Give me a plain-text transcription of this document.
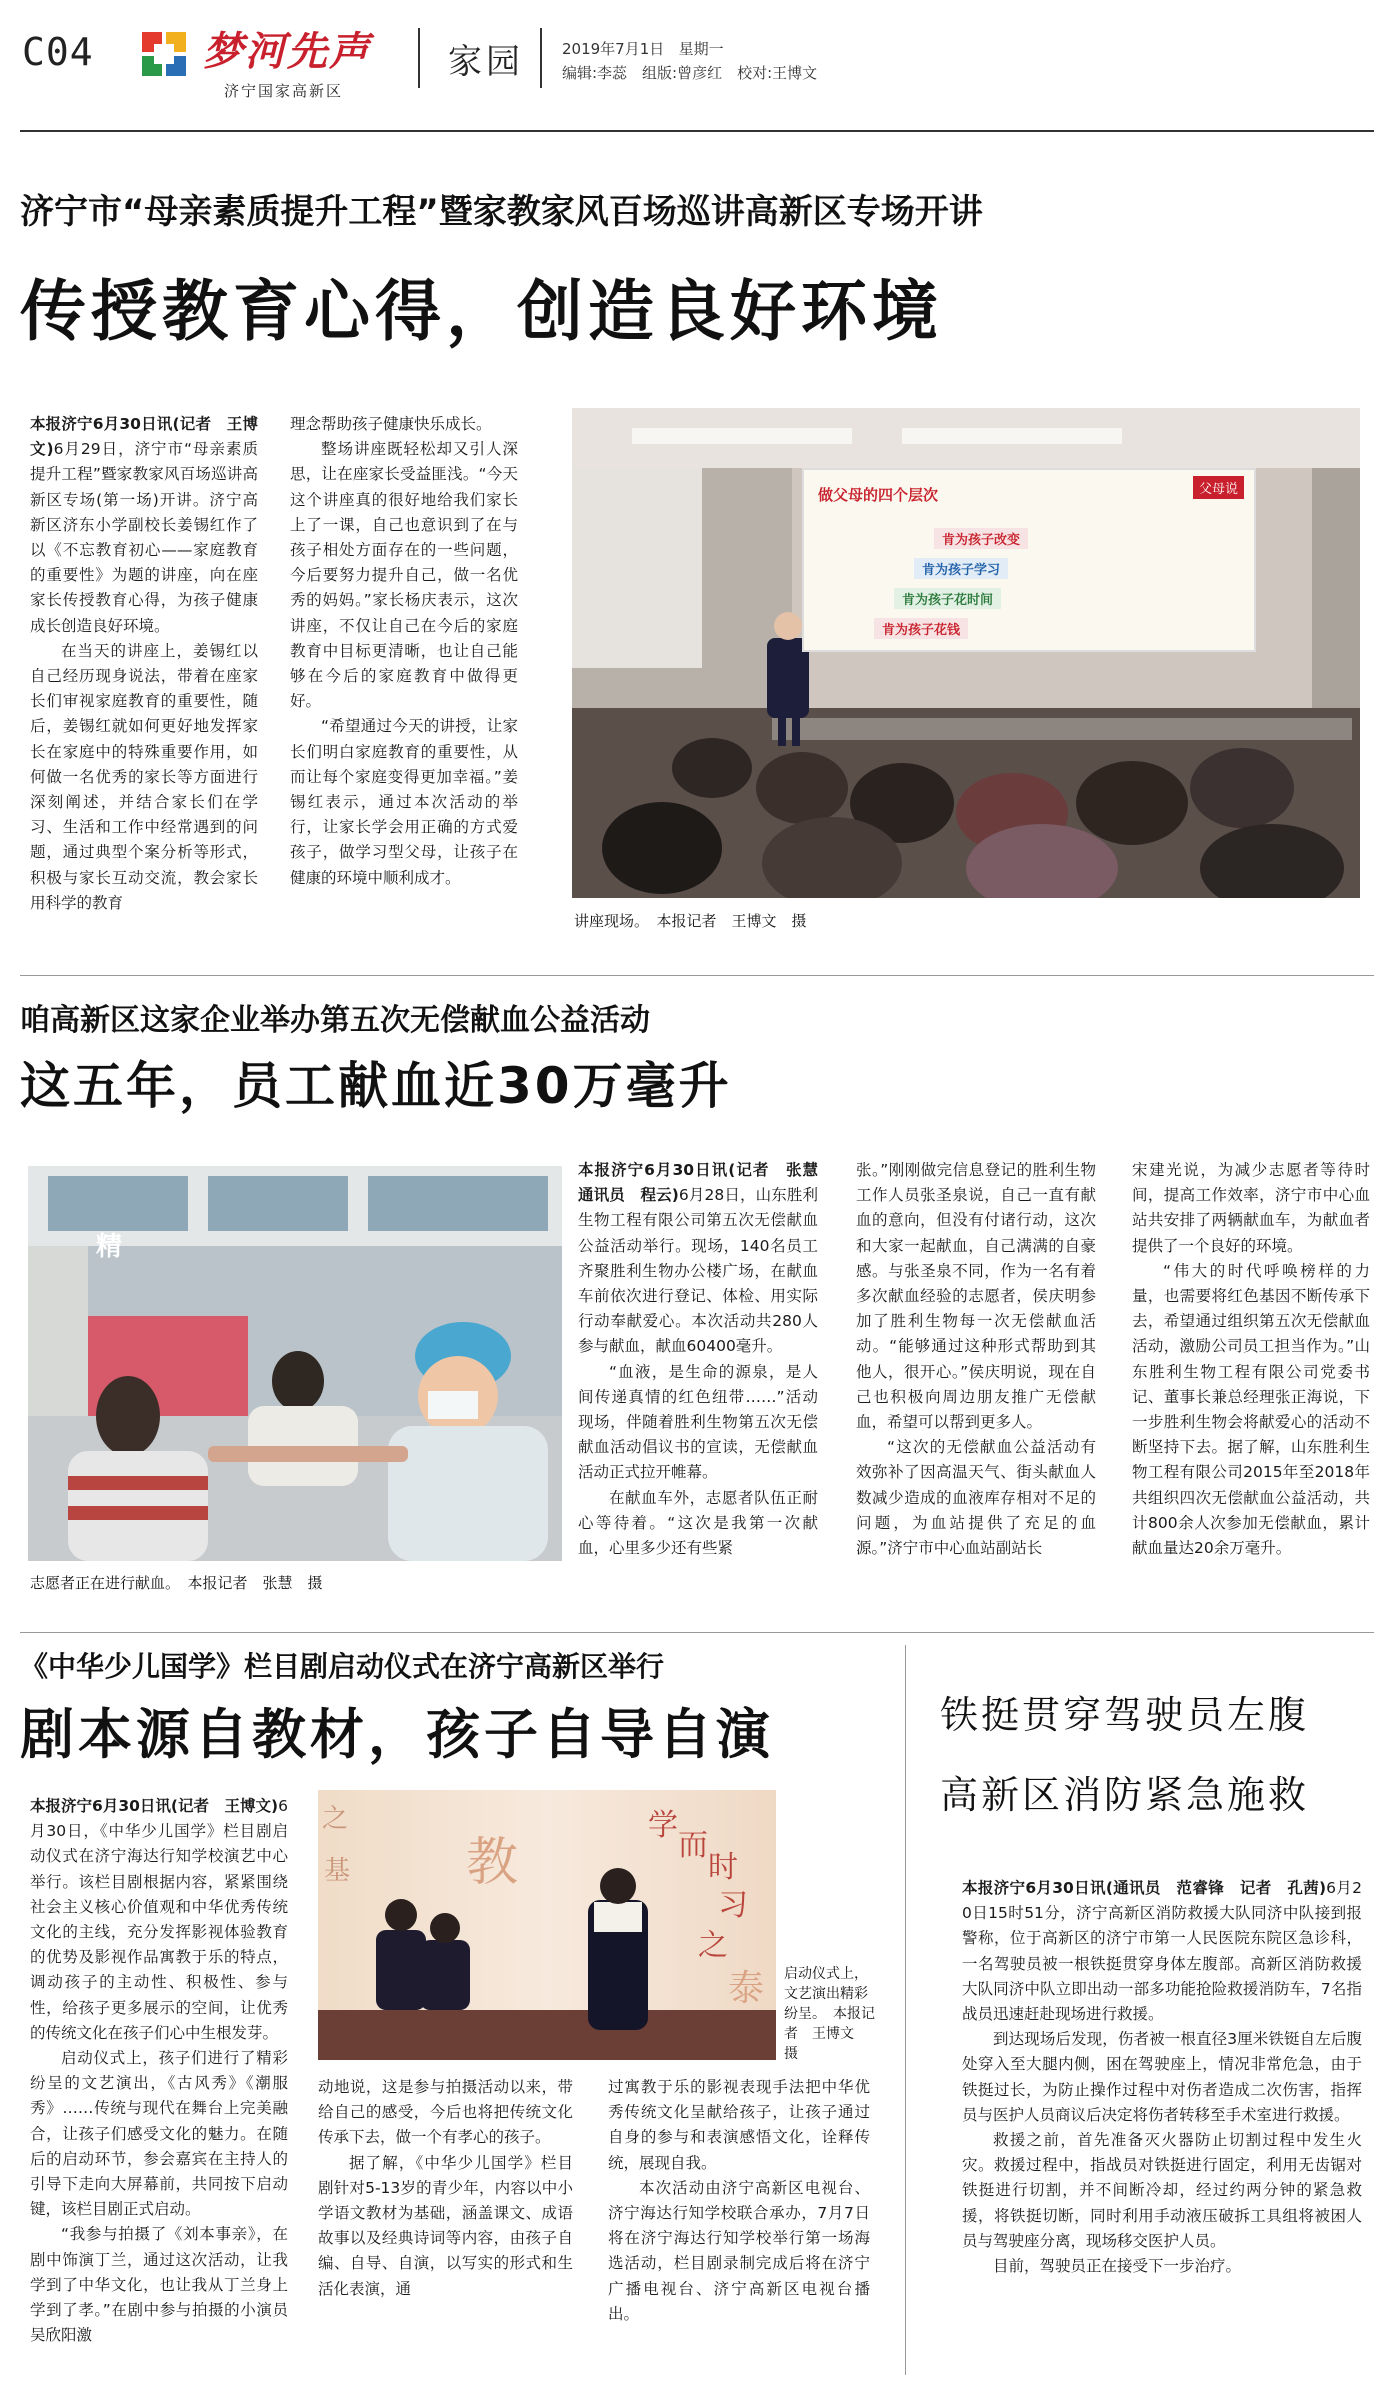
C04	梦河先声
济宁国家高新区
家园	2019年7月1日 星期一
编辑:李蕊　组版:曾彦红　校对:王博文
济宁市“母亲素质提升工程”暨家教家风百场巡讲高新区专场开讲
传授教育心得，创造良好环境

本报济宁6月30日讯(记者　王博文)6月29日，济宁市“母亲素质提升工程”暨家教家风百场巡讲高新区专场(第一场)开讲。济宁高新区济东小学副校长姜锡红作了以《不忘教育初心——家庭教育的重要性》为题的讲座，向在座家长传授教育心得，为孩子健康成长创造良好环境。

在当天的讲座上，姜锡红以自己经历现身说法，带着在座家长们审视家庭教育的重要性，随后，姜锡红就如何更好地发挥家长在家庭中的特殊重要作用，如何做一名优秀的家长等方面进行深刻阐述，并结合家长们在学习、生活和工作中经常遇到的问题，通过典型个案分析等形式，积极与家长互动交流，教会家长用科学的教育

理念帮助孩子健康快乐成长。

整场讲座既轻松却又引人深思，让在座家长受益匪浅。“今天这个讲座真的很好地给我们家长上了一课，自己也意识到了在与孩子相处方面存在的一些问题，今后要努力提升自己，做一名优秀的妈妈。”家长杨庆表示，这次讲座，不仅让自己在今后的家庭教育中目标更清晰，也让自己能够在今后的家庭教育中做得更好。

“希望通过今天的讲授，让家长们明白家庭教育的重要性，从而让每个家庭变得更加幸福。”姜锡红表示，通过本次活动的举行，让家长学会用正确的方式爱孩子，做学习型父母，让孩子在健康的环境中顺利成才。

父母说
做父母的四个层次
肯为孩子改变
肯为孩子学习
肯为孩子花时间
肯为孩子花钱
讲座现场。　本报记者　王博文　摄
咱高新区这家企业举办第五次无偿献血公益活动
这五年，员工献血近30万毫升
精
志愿者正在进行献血。　本报记者　张慧　摄

本报济宁6月30日讯(记者　张慧　通讯员　程云)6月28日，山东胜利生物工程有限公司第五次无偿献血公益活动举行。现场，140名员工齐聚胜利生物办公楼广场，在献血车前依次进行登记、体检、用实际行动奉献爱心。本次活动共280人参与献血，献血60400毫升。

“血液，是生命的源泉，是人间传递真情的红色纽带……”活动现场，伴随着胜利生物第五次无偿献血活动倡议书的宣读，无偿献血活动正式拉开帷幕。

在献血车外，志愿者队伍正耐心等待着。“这次是我第一次献血，心里多少还有些紧

张。”刚刚做完信息登记的胜利生物工作人员张圣泉说，自己一直有献血的意向，但没有付诸行动，这次和大家一起献血，自己满满的自豪感。与张圣泉不同，作为一名有着多次献血经验的志愿者，侯庆明参加了胜利生物每一次无偿献血活动。“能够通过这种形式帮助到其他人，很开心。”侯庆明说，现在自己也积极向周边朋友推广无偿献血，希望可以帮到更多人。

“这次的无偿献血公益活动有效弥补了因高温天气、街头献血人数减少造成的血液库存相对不足的问题，为血站提供了充足的血源。”济宁市中心血站副站长

宋建光说，为减少志愿者等待时间，提高工作效率，济宁市中心血站共安排了两辆献血车，为献血者提供了一个良好的环境。

“伟大的时代呼唤榜样的力量，也需要将红色基因不断传承下去，希望通过组织第五次无偿献血活动，激励公司员工担当作为。”山东胜利生物工程有限公司党委书记、董事长兼总经理张正海说，下一步胜利生物会将献爱心的活动不断坚持下去。据了解，山东胜利生物工程有限公司2015年至2018年共组织四次无偿献血公益活动，共计800余人次参加无偿献血，累计献血量达20余万毫升。

《中华少儿国学》栏目剧启动仪式在济宁高新区举行
剧本源自教材，孩子自导自演

本报济宁6月30日讯(记者　王博文)6月30日，《中华少儿国学》栏目剧启动仪式在济宁海达行知学校演艺中心举行。该栏目剧根据内容，紧紧围绕社会主义核心价值观和中华优秀传统文化的主线，充分发挥影视体验教育的优势及影视作品寓教于乐的特点，调动孩子的主动性、积极性、参与性，给孩子更多展示的空间，让优秀的传统文化在孩子们心中生根发芽。

启动仪式上，孩子们进行了精彩纷呈的文艺演出，《古风秀》《潮服秀》……传统与现代在舞台上完美融合，让孩子们感受文化的魅力。在随后的启动环节，参会嘉宾在主持人的引导下走向大屏幕前，共同按下启动键，该栏目剧正式启动。

“我参与拍摄了《刘本事亲》，在剧中饰演丁兰，通过这次活动，让我学到了中华文化，也让我从丁兰身上学到了孝。”在剧中参与拍摄的小演员吴欣阳激

学
而
时
习
之
教
泰
之
基
启动仪式上，文艺演出精彩纷呈。　本报记者　王博文　摄

动地说，这是参与拍摄活动以来，带给自己的感受，今后也将把传统文化传承下去，做一个有孝心的孩子。

据了解，《中华少儿国学》栏目剧针对5-13岁的青少年，内容以中小学语文教材为基础，涵盖课文、成语故事以及经典诗词等内容，由孩子自编、自导、自演，以写实的形式和生活化表演，通

过寓教于乐的影视表现手法把中华优秀传统文化呈献给孩子，让孩子通过自身的参与和表演感悟文化，诠释传统，展现自我。

本次活动由济宁高新区电视台、济宁海达行知学校联合承办，7月7日将在济宁海达行知学校举行第一场海选活动，栏目剧录制完成后将在济宁广播电视台、济宁高新区电视台播出。

铁挺贯穿驾驶员左腹
高新区消防紧急施救

本报济宁6月30日讯(通讯员　范睿锋　记者　孔茜)6月20日15时51分，济宁高新区消防救援大队同济中队接到报警称，位于高新区的济宁市第一人民医院东院区急诊科，一名驾驶员被一根铁挺贯穿身体左腹部。高新区消防救援大队同济中队立即出动一部多功能抢险救援消防车，7名指战员迅速赶赴现场进行救援。

到达现场后发现，伤者被一根直径3厘米铁铤自左后腹处穿入至大腿内侧，困在驾驶座上，情况非常危急，由于铁挺过长，为防止操作过程中对伤者造成二次伤害，指挥员与医护人员商议后决定将伤者转移至手术室进行救援。

救援之前，首先准备灭火器防止切割过程中发生火灾。救援过程中，指战员对铁挺进行固定，利用无齿锯对铁挺进行切割，并不间断冷却，经过约两分钟的紧急救援，将铁挺切断，同时利用手动液压破拆工具组将被困人员与驾驶座分离，现场移交医护人员。

目前，驾驶员正在接受下一步治疗。
